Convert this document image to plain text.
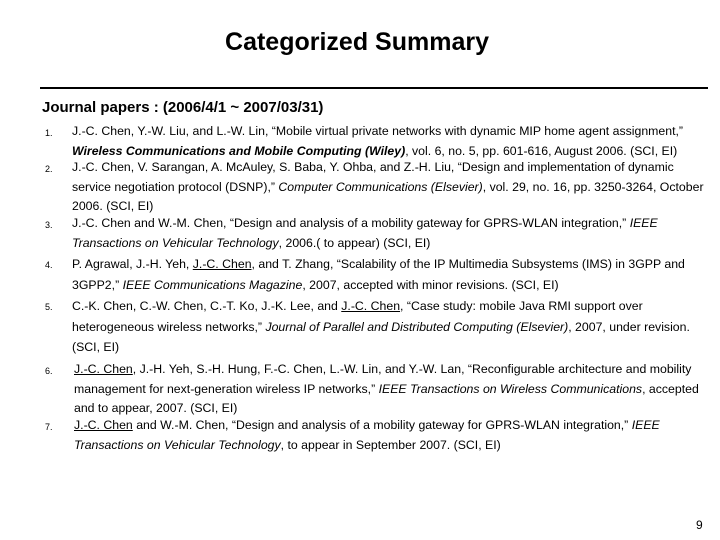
Categorized Summary
Journal papers : (2006/4/1 ~ 2007/03/31)
1. J.-C. Chen, Y.-W. Liu, and L.-W. Lin, “Mobile virtual private networks with dynamic MIP home agent assignment,” Wireless Communications and Mobile Computing (Wiley), vol. 6, no. 5, pp. 601-616, August 2006. (SCI, EI)
2. J.-C. Chen, V. Sarangan, A. McAuley, S. Baba, Y. Ohba, and Z.-H. Liu, “Design and implementation of dynamic service negotiation protocol (DSNP),” Computer Communications (Elsevier), vol. 29, no. 16, pp. 3250-3264, October 2006. (SCI, EI)
3. J.-C. Chen and W.-M. Chen, “Design and analysis of a mobility gateway for GPRS-WLAN integration,” IEEE Transactions on Vehicular Technology, 2006.( to appear) (SCI, EI)
4. P. Agrawal, J.-H. Yeh, J.-C. Chen, and T. Zhang, “Scalability of the IP Multimedia Subsystems (IMS) in 3GPP and 3GPP2,” IEEE Communications Magazine, 2007, accepted with minor revisions. (SCI, EI)
5. C.-K. Chen, C.-W. Chen, C.-T. Ko, J.-K. Lee, and J.-C. Chen, “Case study: mobile Java RMI support over heterogeneous wireless networks,” Journal of Parallel and Distributed Computing (Elsevier), 2007, under revision. (SCI, EI)
6. J.-C. Chen, J.-H. Yeh, S.-H. Hung, F.-C. Chen, L.-W. Lin, and Y.-W. Lan, “Reconfigurable architecture and mobility management for next-generation wireless IP networks,” IEEE Transactions on Wireless Communications, accepted and to appear, 2007. (SCI, EI)
7. J.-C. Chen and W.-M. Chen, “Design and analysis of a mobility gateway for GPRS-WLAN integration,” IEEE Transactions on Vehicular Technology, to appear in September 2007. (SCI, EI)
9
